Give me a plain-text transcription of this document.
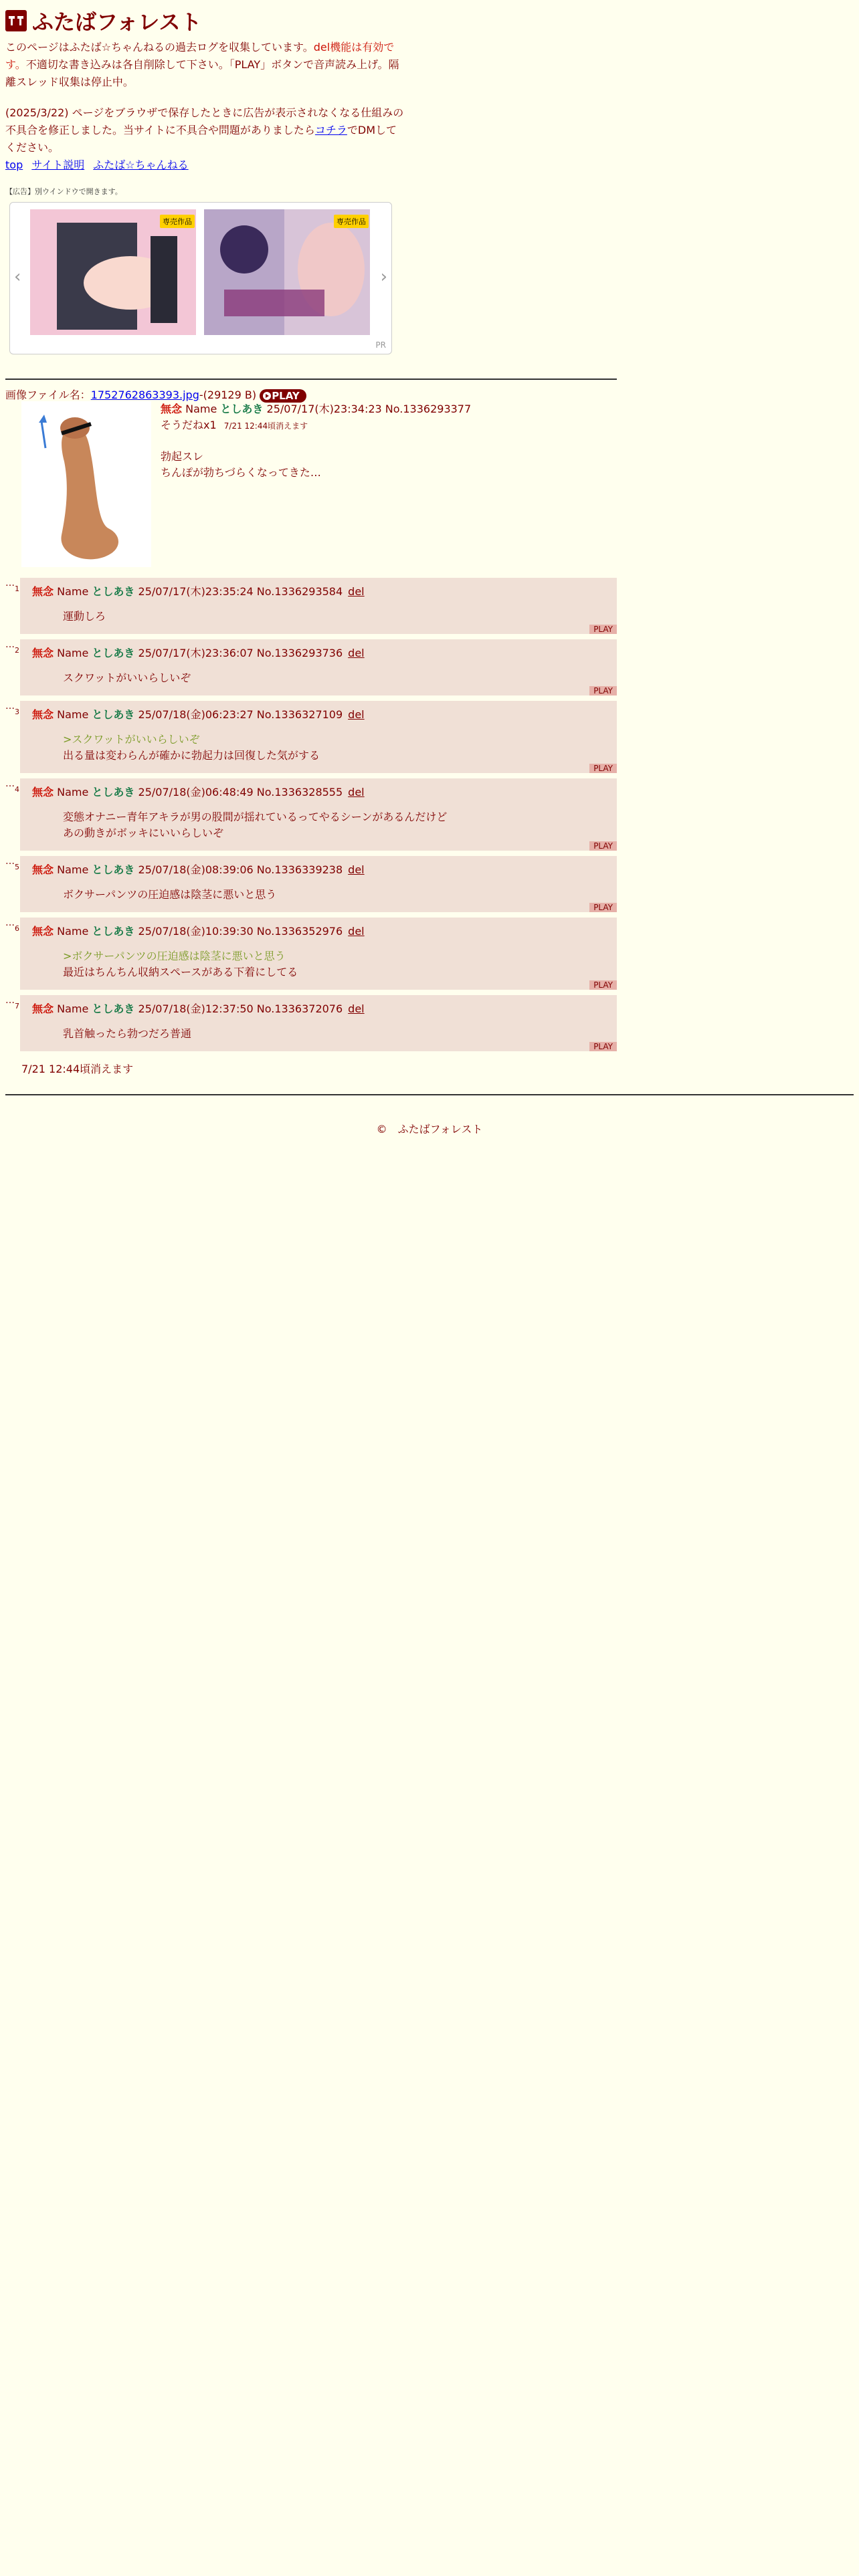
ふたばフォレスト

このページはふたば☆ちゃんねるの過去ログを収集しています。del機能は有効です。不適切な書き込みは各自削除して下さい。「PLAY」ボタンで音声読み上げ。隔離スレッド収集は停止中。

(2025/3/22) ページをブラウザで保存したときに広告が表示されなくなる仕組みの不具合を修正しました。当サイトに不具合や問題がありましたらコチラでDMしてください。

top サイト説明 ふたば☆ちゃんねる
【広告】別ウインドウで開きます。
‹
専売作品	専売作品
›
PR
画像ファイル名：1752762863393.jpg-(29129 B) PLAY
無念 Name としあき 25/07/17(木)23:34:23 No.1336293377
そうだねx1 7/21 12:44頃消えます
勃起スレ
ちんぽが勃ちづらくなってきた…
…
1 無念 Name としあき 25/07/17(木)23:35:24 No.1336293584 del
運動しろ
PLAY
…
2 無念 Name としあき 25/07/17(木)23:36:07 No.1336293736 del
スクワットがいいらしいぞ
PLAY
…
3 無念 Name としあき 25/07/18(金)06:23:27 No.1336327109 del
>スクワットがいいらしいぞ
出る量は変わらんが確かに勃起力は回復した気がする
PLAY
…
4 無念 Name としあき 25/07/18(金)06:48:49 No.1336328555 del
変態オナニー青年アキラが男の股間が揺れているってやるシーンがあるんだけど
あの動きがボッキにいいらしいぞ
PLAY
…
5 無念 Name としあき 25/07/18(金)08:39:06 No.1336339238 del
ボクサーパンツの圧迫感は陰茎に悪いと思う
PLAY
…
6 無念 Name としあき 25/07/18(金)10:39:30 No.1336352976 del
>ボクサーパンツの圧迫感は陰茎に悪いと思う
最近はちんちん収納スペースがある下着にしてる
PLAY
…
7 無念 Name としあき 25/07/18(金)12:37:50 No.1336372076 del
乳首触ったら勃つだろ普通
PLAY
7/21 12:44頃消えます
©　ふたばフォレスト
